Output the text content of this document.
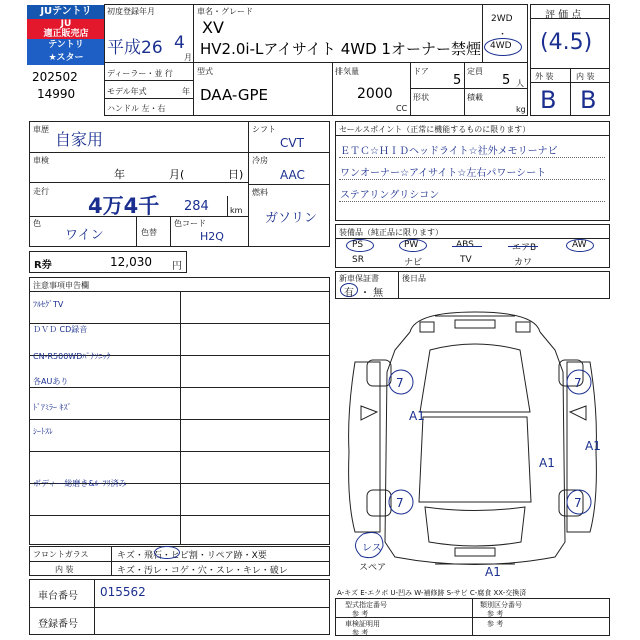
JUテントリ
JU
適正販売店
テントリ
★スター
202502
14990
初度登録年月
平成26 4
月
車名・グレード
XV
HV2.0i-Lアイサイト 4WD 1オーナー禁煙
2WD
・
4WD
ディーラー・並 行
モデル年式	年
ハンドル 左・右
型式
DAA-GPE
排気量
2000
CC
ドア
5
定員
5 人
形状	積載
kg
評 価 点
(4.5)
外 装	内 装
B B
車歴
自家用
車検
年	月(	日)
走行
4万4千 284	km
色
ワイン	色替
色コード
H2Q
シフト
CVT
冷房
AAC
燃料
ガソリン
R券	12,030 円
セールスポイント（正常に機能するものに限ります）
ＥＴＣ☆ＨＩＤヘッドライト☆社外メモリーナビ
ワンオーナー☆アイサイト☆左右パワーシート
ステアリングリシコン
装備品（純正品に限ります）
PS	PW	ABS	エアB	AW
SR	ナビ	TV	カワ
新車保証書
有 ・ 無
後日品
注意事項申告欄
ﾌﾙｾｸﾞTV
ＤＶＤ CD録音
CN-R500WDﾊﾟﾅｿﾆｯｸ
各AUあり
ﾄﾞｱﾐﾗｰ ｷｽﾞ
ｼｰﾄｽﾚ
ボディー総磨き&ﾙｰﾌﾘ済み
フロントガラス	キズ・飛石・ヒビ割・リペア跡・X要
内 装	キズ・汚レ・コゲ・穴・スレ・キレ・破レ
車台番号 015562
登録番号
7	7
7	7
A1
A1
A1
A1
レス
スペア
A-キズ E-エクボ U-凹み W-補修跡 S-サビ C-腐食 XX-交換済
型式指定番号
参 考
類別区分番号
参 考
車検証明用
参 考
参 考
